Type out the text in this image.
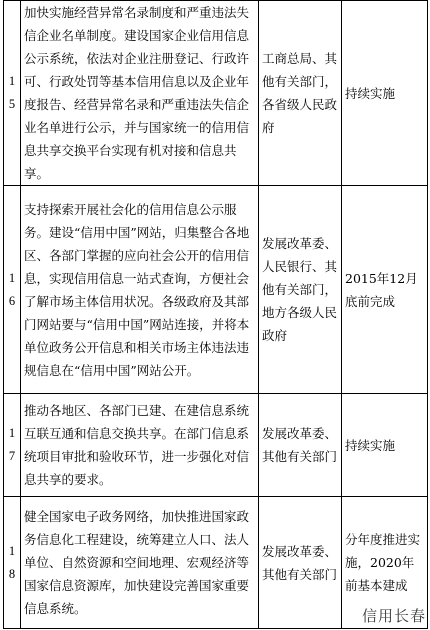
15	加快实施经营异常名录制度和严重违法失信企业名单制度。建设国家企业信用信息公示系统，依法对企业注册登记、行政许可、行政处罚等基本信用信息以及企业年度报告、经营异常名录和严重违法失信企业名单进行公示，并与国家统一的信用信息共享交换平台实现有机对接和信息共享。	工商总局、其他有关部门，各省级人民政府	持续实施
16	支持探索开展社会化的信用信息公示服务。建设“信用中国”网站，归集整合各地区、各部门掌握的应向社会公开的信用信息，实现信用信息一站式查询，方便社会了解市场主体信用状况。各级政府及其部门网站要与“信用中国”网站连接，并将本单位政务公开信息和相关市场主体违法违规信息在“信用中国”网站公开。	发展改革委、人民银行、其他有关部门，地方各级人民政府	2015年12月底前完成
17	推动各地区、各部门已建、在建信息系统互联互通和信息交换共享。在部门信息系统项目审批和验收环节，进一步强化对信息共享的要求。	发展改革委、其他有关部门	持续实施
18	健全国家电子政务网络，加快推进国家政务信息化工程建设，统筹建立人口、法人单位、自然资源和空间地理、宏观经济等国家信息资源库，加快建设完善国家重要信息系统。	发展改革委、其他有关部门	分年度推进实施，2020年前基本建成
信用长春
